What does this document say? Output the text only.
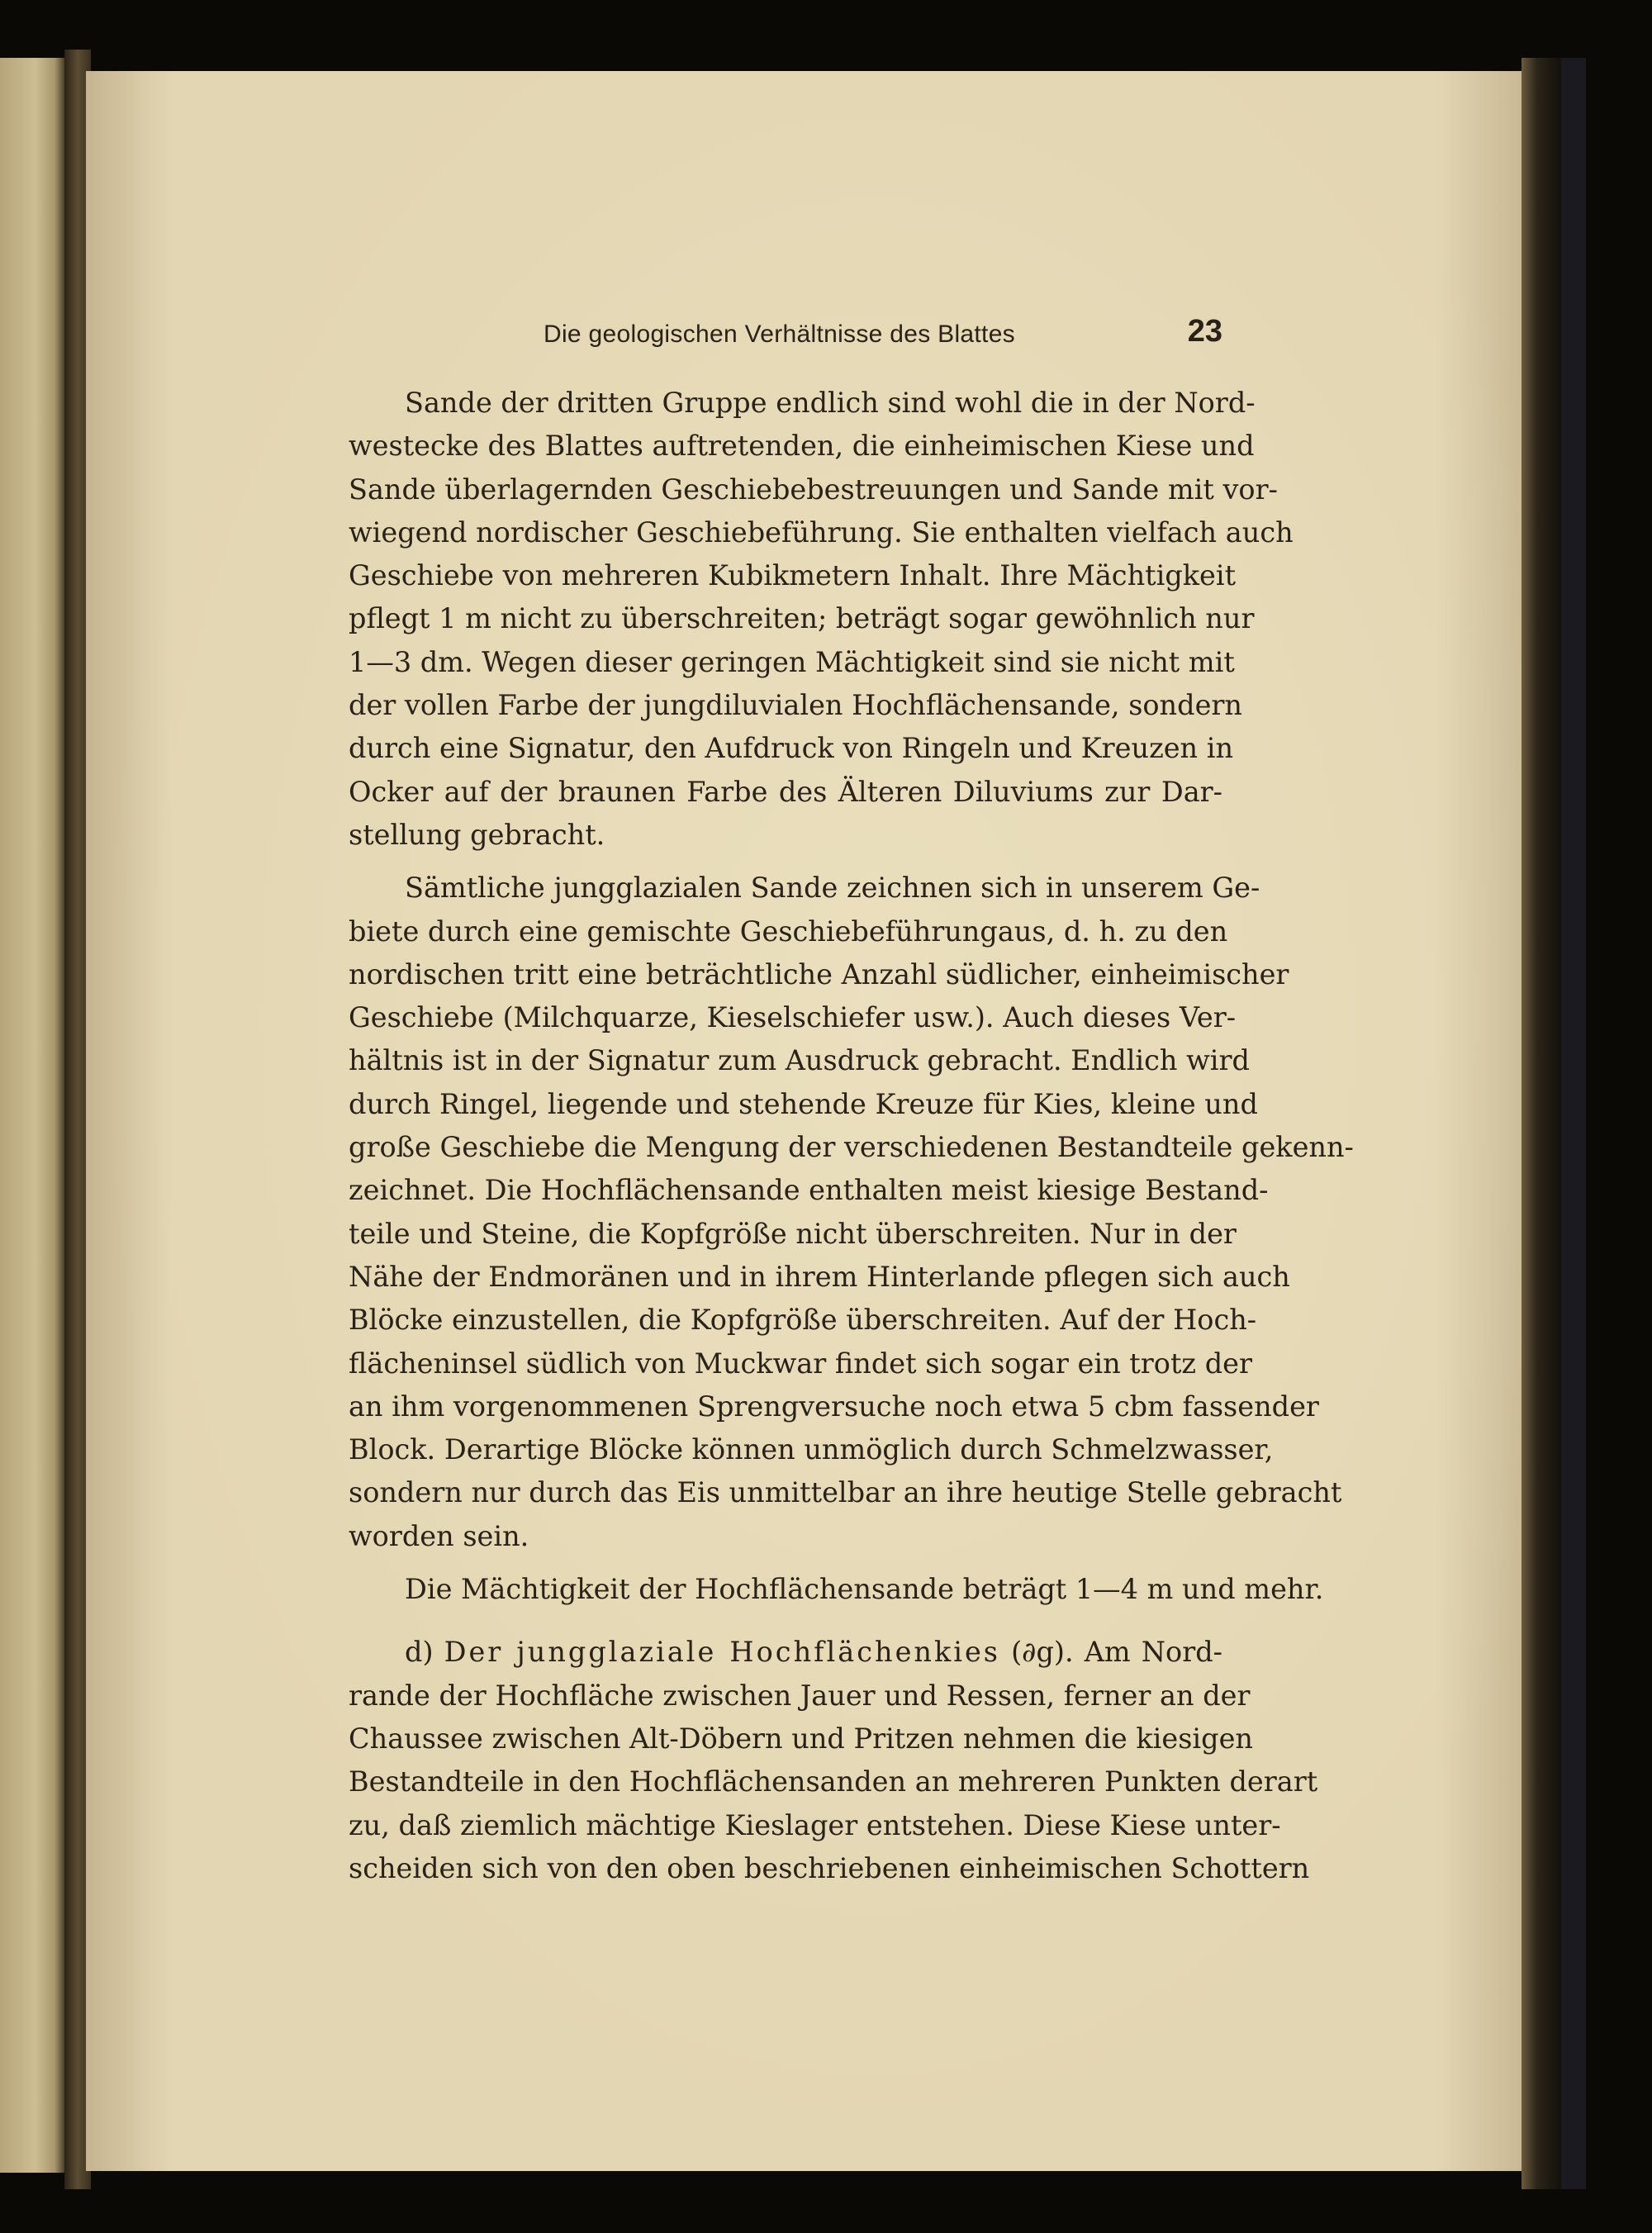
Die geologischen Verhältnisse des Blattes	23

Sande der dritten Gruppe endlich sind wohl die in der Nord-
westecke des Blattes auftretenden, die einheimischen Kiese und
Sande überlagernden Geschiebebestreuungen und Sande mit vor-
wiegend nordischer Geschiebeführung. Sie enthalten vielfach auch
Geschiebe von mehreren Kubikmetern Inhalt. Ihre Mächtigkeit
pflegt 1 m nicht zu überschreiten; beträgt sogar gewöhnlich nur
1—3 dm. Wegen dieser geringen Mächtigkeit sind sie nicht mit
der vollen Farbe der jungdiluvialen Hochflächensande, sondern
durch eine Signatur, den Aufdruck von Ringeln und Kreuzen in
Ocker auf der braunen Farbe des Älteren Diluviums zur Dar-
stellung gebracht.

Sämtliche jungglazialen Sande zeichnen sich in unserem Ge-
biete durch eine gemischte Geschiebeführungaus, d. h. zu den
nordischen tritt eine beträchtliche Anzahl südlicher, einheimischer
Geschiebe (Milchquarze, Kieselschiefer usw.). Auch dieses Ver-
hältnis ist in der Signatur zum Ausdruck gebracht. Endlich wird
durch Ringel, liegende und stehende Kreuze für Kies, kleine und
große Geschiebe die Mengung der verschiedenen Bestandteile gekenn-
zeichnet. Die Hochflächensande enthalten meist kiesige Bestand-
teile und Steine, die Kopfgröße nicht überschreiten. Nur in der
Nähe der Endmoränen und in ihrem Hinterlande pflegen sich auch
Blöcke einzustellen, die Kopfgröße überschreiten. Auf der Hoch-
flächeninsel südlich von Muckwar findet sich sogar ein trotz der
an ihm vorgenommenen Sprengversuche noch etwa 5 cbm fassender
Block. Derartige Blöcke können unmöglich durch Schmelzwasser,
sondern nur durch das Eis unmittelbar an ihre heutige Stelle gebracht
worden sein.

Die Mächtigkeit der Hochflächensande beträgt 1—4 m und mehr.

d) Der jungglaziale Hochflächenkies (∂g). Am Nord-
rande der Hochfläche zwischen Jauer und Ressen, ferner an der
Chaussee zwischen Alt-Döbern und Pritzen nehmen die kiesigen
Bestandteile in den Hochflächensanden an mehreren Punkten derart
zu, daß ziemlich mächtige Kieslager entstehen. Diese Kiese unter-
scheiden sich von den oben beschriebenen einheimischen Schottern
